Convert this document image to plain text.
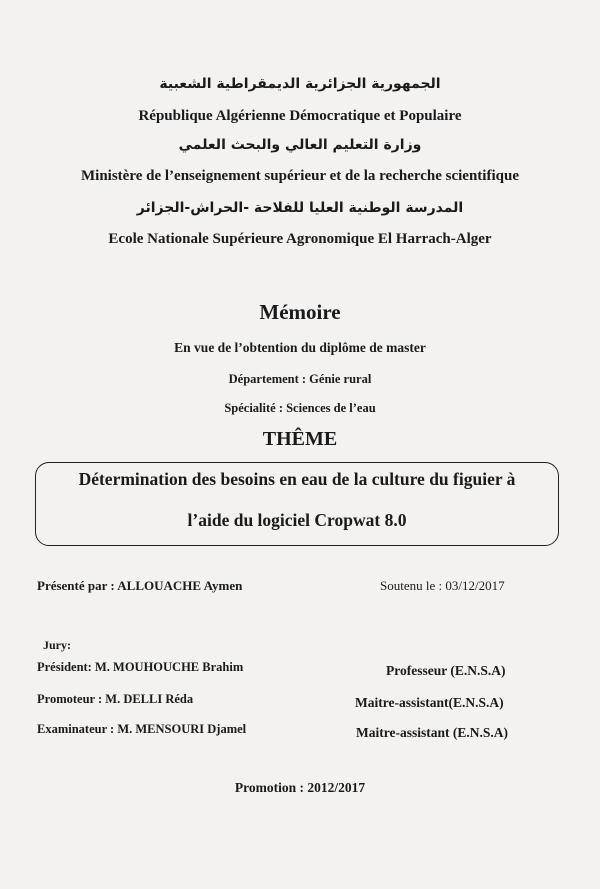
الجمهورية الجزائرية الديمقراطية الشعبية
République Algérienne Démocratique et Populaire
وزارة التعليم العالي والبحث العلمي
Ministère de l’enseignement supérieur et de la recherche scientifique
المدرسة الوطنية العليا للفلاحة -الحراش-الجزائر
Ecole Nationale Supérieure Agronomique El Harrach-Alger
Mémoire
En vue de l’obtention du diplôme de master
Département : Génie rural
Spécialité : Sciences de l’eau
THÊME
Détermination des besoins en eau de la culture du figuier à
l’aide du logiciel Cropwat 8.0
Présenté par : ALLOUACHE Aymen	Soutenu le : 03/12/2017
Jury:
Président: M. MOUHOUCHE Brahim	Professeur (E.N.S.A)
Promoteur : M. DELLI Réda	Maitre-assistant(E.N.S.A)
Examinateur : M. MENSOURI Djamel	Maitre-assistant (E.N.S.A)
Promotion : 2012/2017
